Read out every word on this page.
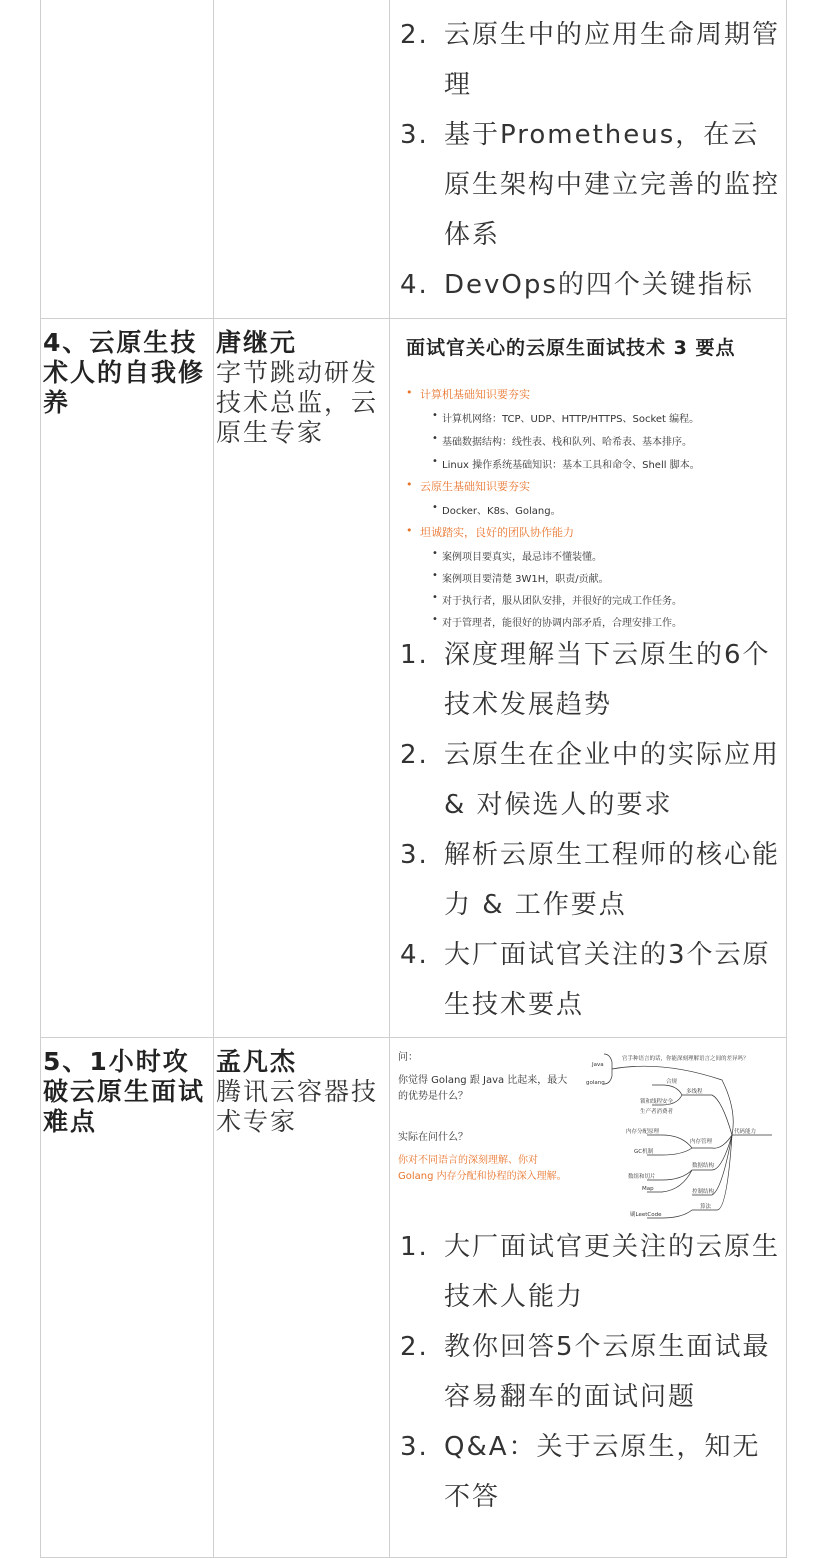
2. 云原生中的应用生命周期管理
3. 基于Prometheus，在云原生架构中建立完善的监控体系
4. DevOps的四个关键指标
4、云原生技术人的自我修养
唐继元
字节跳动研发技术总监，云原生专家
面试官关心的云原生面试技术 3 要点
• 计算机基础知识要夯实
• 计算机网络：TCP、UDP、HTTP/HTTPS、Socket 编程。
• 基础数据结构：线性表、栈和队列、哈希表、基本排序。
• Linux 操作系统基础知识：基本工具和命令、Shell 脚本。
• 云原生基础知识要夯实
• Docker、K8s、Golang。
• 坦诚踏实，良好的团队协作能力
• 案例项目要真实，最忌讳不懂装懂。
• 案例项目要清楚 3W1H，职责/贡献。
• 对于执行者，服从团队安排，并很好的完成工作任务。
• 对于管理者，能很好的协调内部矛盾，合理安排工作。
1. 深度理解当下云原生的6个技术发展趋势
2. 云原生在企业中的实际应用 & 对候选人的要求
3. 解析云原生工程师的核心能力 & 工作要点
4. 大厂面试官关注的3个云原生技术要点
5、1小时攻破云原生面试难点
孟凡杰
腾讯云容器技术专家
问：
你觉得 Golang 跟 Java 比起来，最大
的优势是什么？
实际在问什么？
你对不同语言的深刻理解、你对
Golang 内存分配和协程的深入理解。
官手种语言的话，你能深刻理解语言之间的差异吗？
Java
golang
代码能力
合规
多线程
锁和线程安全
生产者消费者
内存分配原理
内存管理
GC机制
数据结构
数组和切片
Map	控制结构
算法
刷LeetCode
1. 大厂面试官更关注的云原生技术人能力
2. 教你回答5个云原生面试最容易翻车的面试问题
3. Q&A：关于云原生，知无不答
